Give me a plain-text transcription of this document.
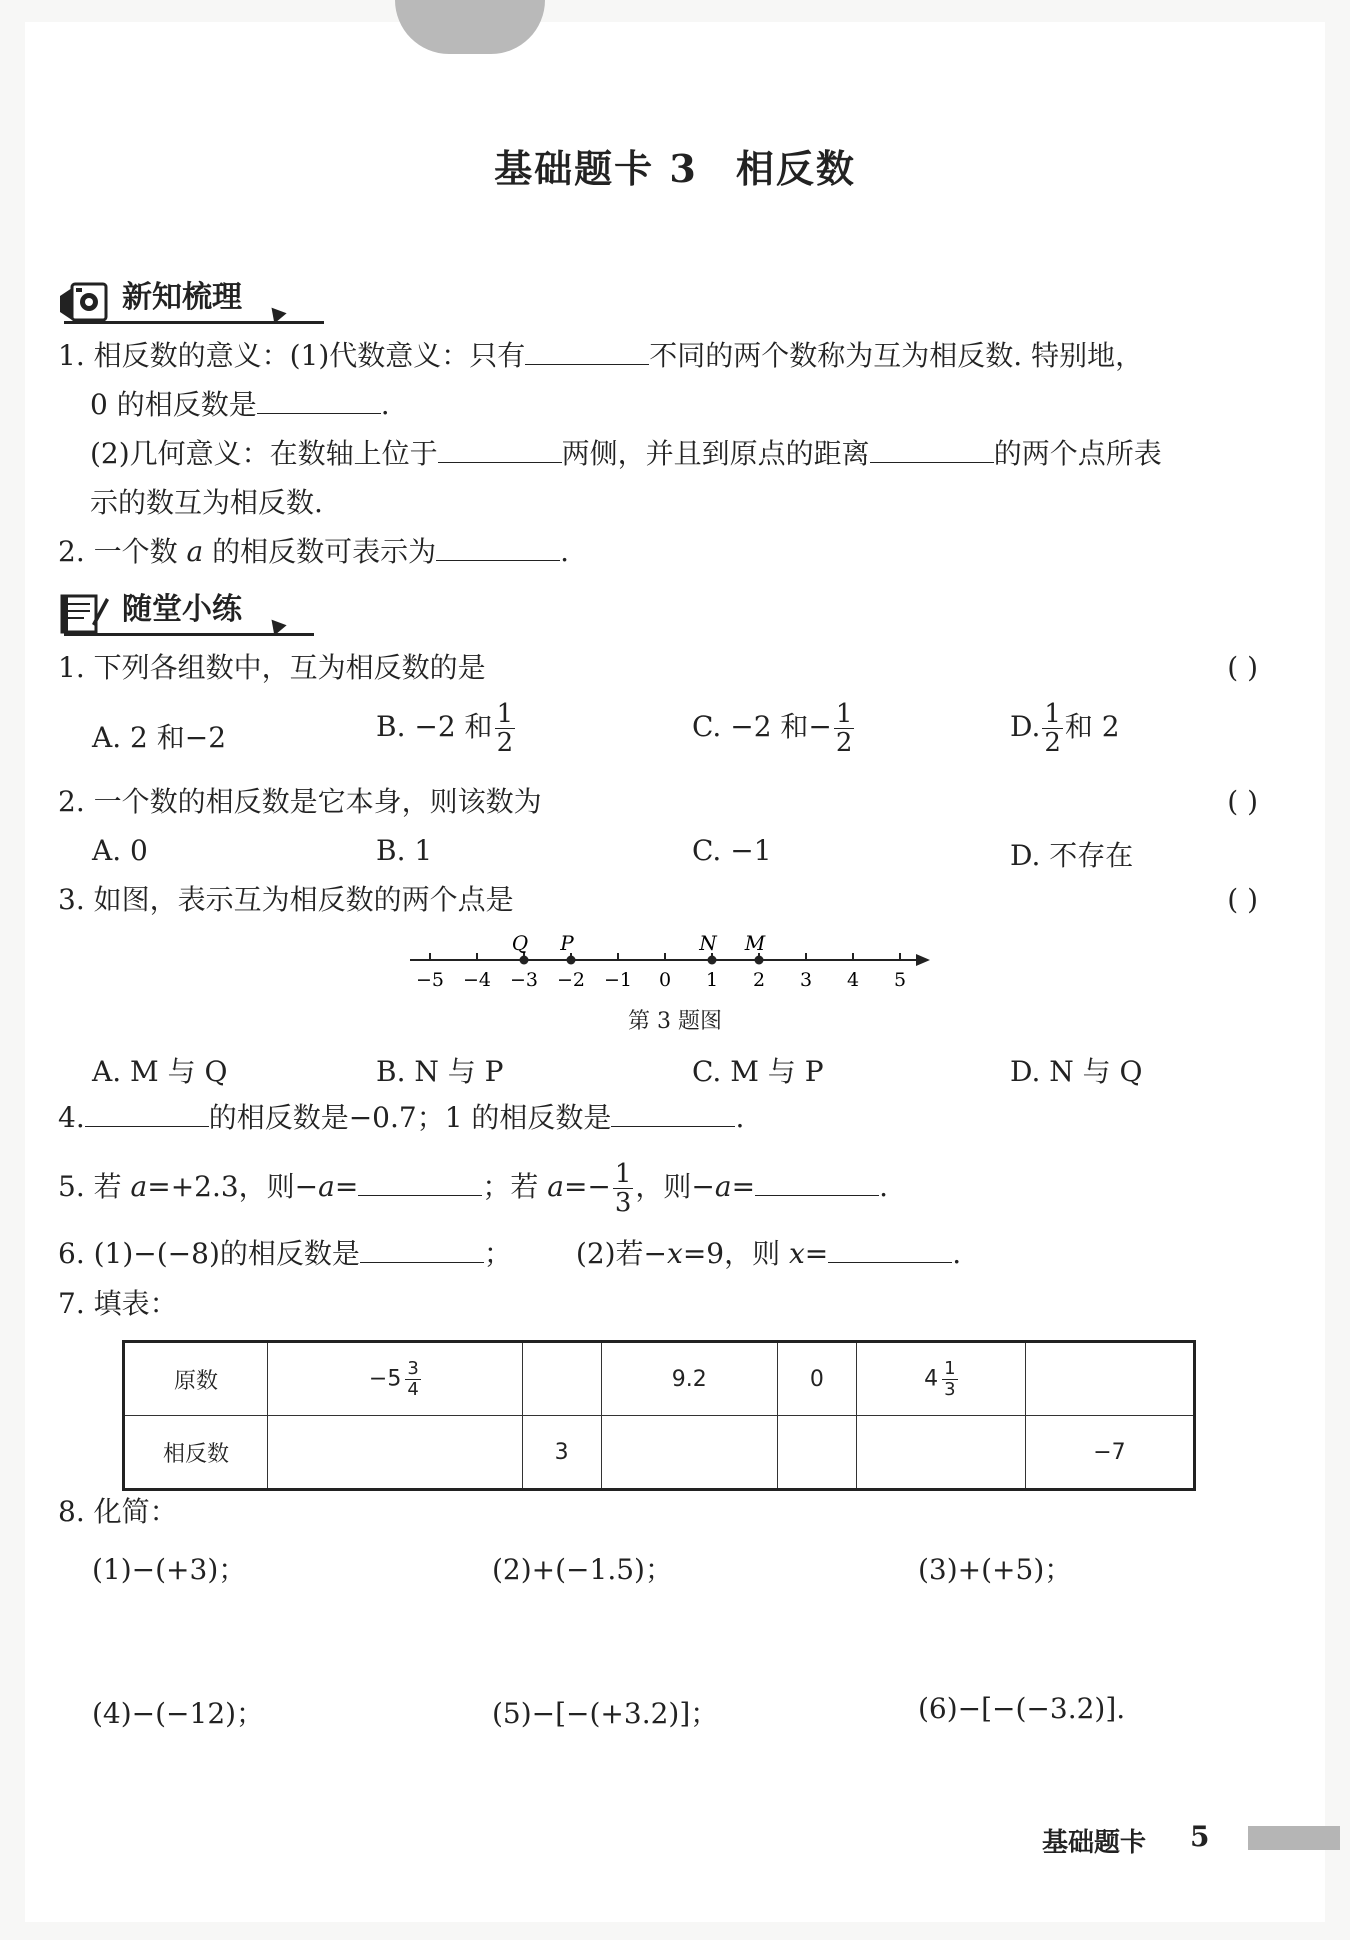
基础题卡 3 相反数
新知梳理
1. 相反数的意义：(1)代数意义：只有	不同的两个数称为互为相反数. 特别地，
0 的相反数是	.
(2)几何意义：在数轴上位于	两侧，并且到原点的距离	的两个点所表
示的数互为相反数.
2. 一个数 a 的相反数可表示为	.
随堂小练
1. 下列各组数中，互为相反数的是	( )
A. 2 和−2	B. −2 和 $\frac{1}{2}$	C. −2 和− $\frac{1}{2}$	D. $\frac{1}{2}$ 和 2
2. 一个数的相反数是它本身，则该数为	( )
A. 0	B. 1	C. −1	D. 不存在
3. 如图，表示互为相反数的两个点是	( )
−5 −4 −3 −2 −1 0 1 2 3 4 5
Q P	N M
第 3 题图
A. M 与 Q	B. N 与 P	C. M 与 P	D. N 与 Q
4.	的相反数是−0.7；1 的相反数是	.
5. 若 a=+2.3，则−a=	；若 $a=- \frac{1}{3}$ ，则−a=	.
6. (1)−(−8)的相反数是	； (2)若−x=9，则 x=	.
7. 填表：
原数	$-5 \frac{3}{4}$		9.2	0	$4 \frac{1}{3}$

相反数		3				−7
8. 化简：
(1)−(+3)；	(2)+(−1.5)；	(3)+(+5)；
(4)−(−12)；	(5)−[−(+3.2)]；	(6)−[−(−3.2)].
基础题卡 5
